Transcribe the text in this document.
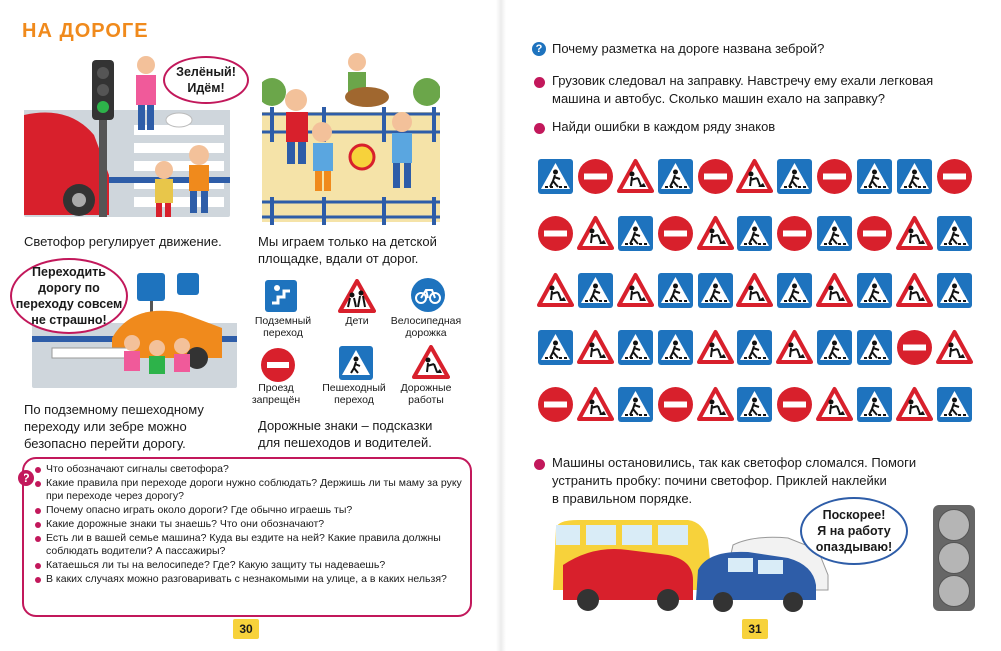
НА ДОРОГЕ
Зелёный!
Идём!
Светофор регулирует движение.	Мы играем только на детской
площадке, вдали от дорог.
Переходить
дорогу по
переходу совсем
не страшно!
По подземному пешеходному
переходу или зебре можно
безопасно перейти дорогу.
Подземный
переход
Дети	Велосипедная
дорожка
Проезд
запрещён
Пешеходный
переход
Дорожные
работы
Дорожные знаки – подсказки
для пешеходов и водителей.
?
Что обозначают сигналы светофора?
Какие правила при переходе дороги нужно соблюдать? Держишь ли ты маму за руку при переходе через дорогу?
Почему опасно играть около дороги? Где обычно играешь ты?
Какие дорожные знаки ты знаешь? Что они обозначают?
Есть ли в вашей семье машина? Куда вы ездите на ней? Какие правила должны соблюдать водители? А пассажиры?
Катаешься ли ты на велосипеде? Где? Какую защиту ты надеваешь?
В каких случаях можно разговаривать с незнакомыми на улице, а в каких нельзя?
30
? Почему разметка на дороге названа зеброй?
Грузовик следовал на заправку. Навстречу ему ехали легковая
машина и автобус. Сколько машин ехало на заправку?
Найди ошибки в каждом ряду знаков
Машины остановились, так как светофор сломался. Помоги
устранить пробку: почини светофор. Приклей наклейки
в правильном порядке.
Поскорее!
Я на работу
опаздываю!
31
